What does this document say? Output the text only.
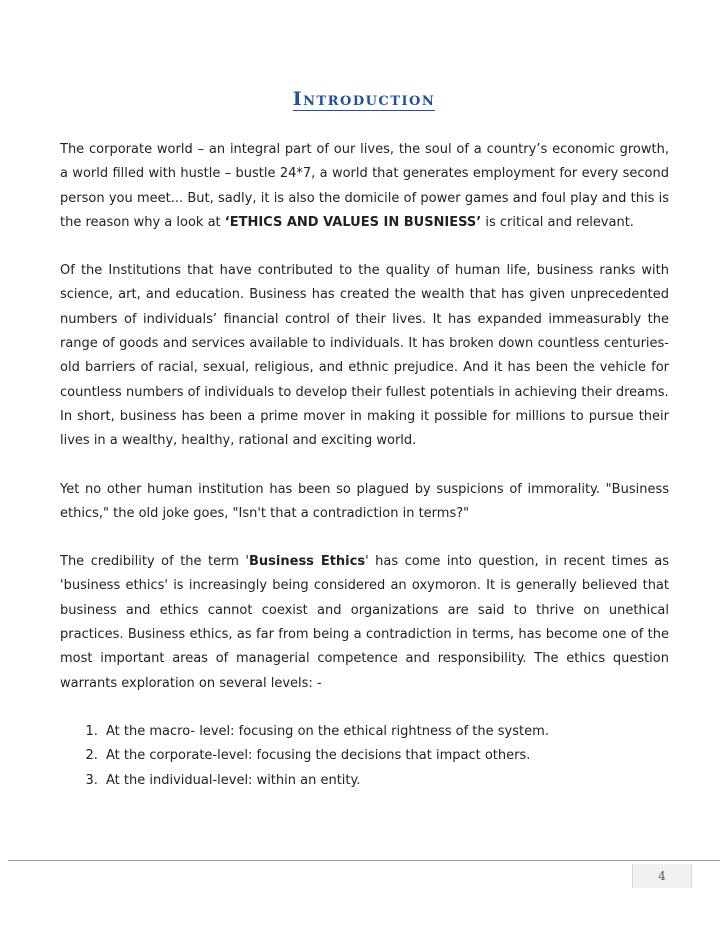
Introduction

The corporate world – an integral part of our lives, the soul of a country’s economic growth, a world filled with hustle – bustle 24*7, a world that generates employment for every second person you meet... But, sadly, it is also the domicile of power games and foul play and this is the reason why a look at ‘ETHICS AND VALUES IN BUSNIESS’ is critical and relevant.

Of the Institutions that have contributed to the quality of human life, business ranks with science, art, and education. Business has created the wealth that has given unprecedented numbers of individuals’ financial control of their lives. It has expanded immeasurably the range of goods and services available to individuals. It has broken down countless centuries-old barriers of racial, sexual, religious, and ethnic prejudice. And it has been the vehicle for countless numbers of individuals to develop their fullest potentials in achieving their dreams.

In short, business has been a prime mover in making it possible for millions to pursue their lives in a wealthy, healthy, rational and exciting world.

Yet no other human institution has been so plagued by suspicions of immorality. "Business ethics," the old joke goes, "Isn't that a contradiction in terms?"

The credibility of the term 'Business Ethics' has come into question, in recent times as 'business ethics' is increasingly being considered an oxymoron. It is generally believed that business and ethics cannot coexist and organizations are said to thrive on unethical practices. Business ethics, as far from being a contradiction in terms, has become one of the most important areas of managerial competence and responsibility. The ethics question warrants exploration on several levels: -

1. At the macro- level: focusing on the ethical rightness of the system.
2. At the corporate-level: focusing the decisions that impact others.
3. At the individual-level: within an entity.
4
